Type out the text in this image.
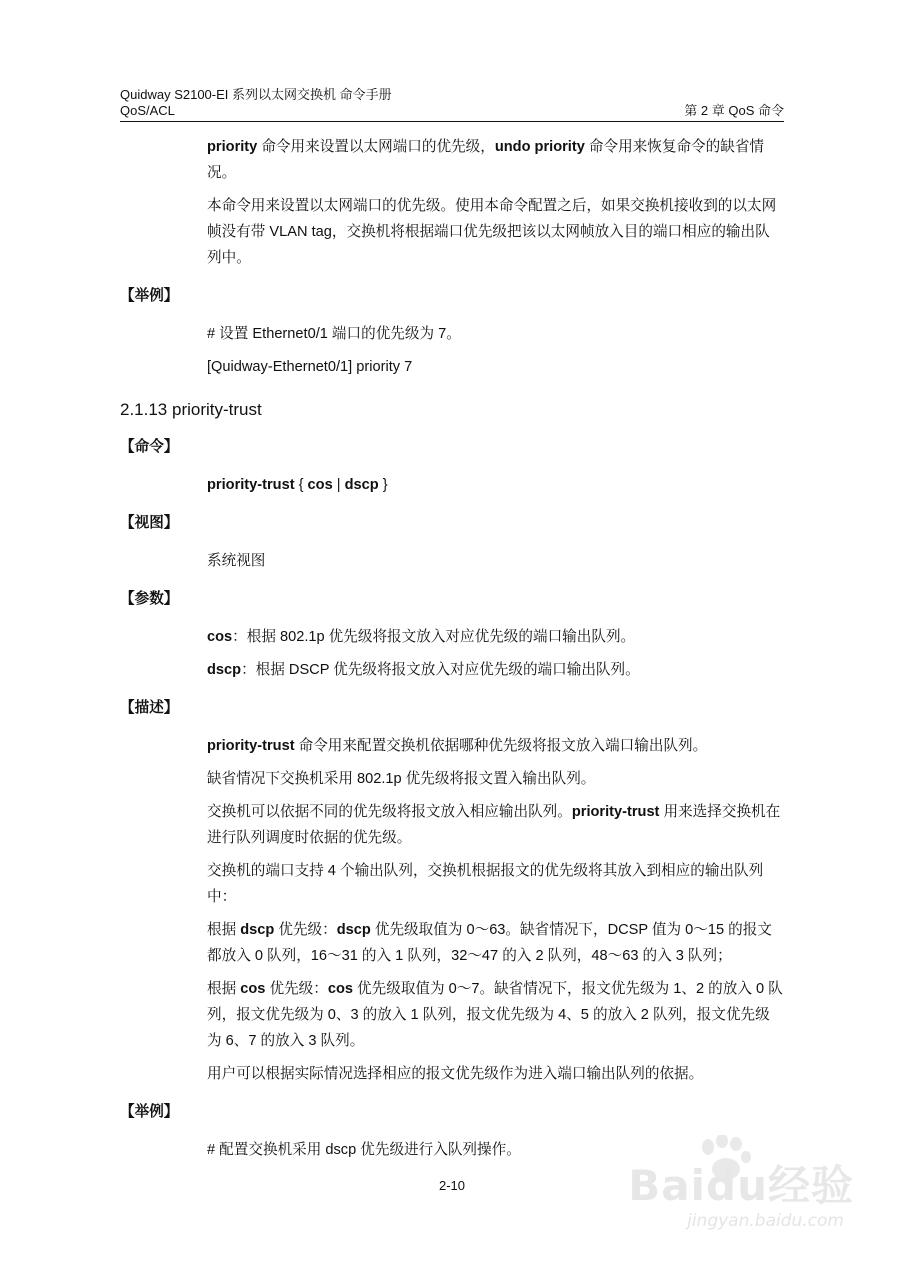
Quidway S2100-EI 系列以太网交换机 命令手册
QoS/ACL	第 2 章 QoS 命令

priority 命令用来设置以太网端口的优先级，undo priority 命令用来恢复命令的缺省情况。

本命令用来设置以太网端口的优先级。使用本命令配置之后，如果交换机接收到的以太网帧没有带 VLAN tag，交换机将根据端口优先级把该以太网帧放入目的端口相应的输出队列中。

【举例】

# 设置 Ethernet0/1 端口的优先级为 7。

[Quidway-Ethernet0/1] priority 7

2.1.13 priority-trust
【命令】

priority-trust { cos | dscp }

【视图】

系统视图

【参数】

cos：根据 802.1p 优先级将报文放入对应优先级的端口输出队列。

dscp：根据 DSCP 优先级将报文放入对应优先级的端口输出队列。

【描述】

priority-trust 命令用来配置交换机依据哪种优先级将报文放入端口输出队列。

缺省情况下交换机采用 802.1p 优先级将报文置入输出队列。

交换机可以依据不同的优先级将报文放入相应输出队列。priority-trust 用来选择交换机在进行队列调度时依据的优先级。

交换机的端口支持 4 个输出队列，交换机根据报文的优先级将其放入到相应的输出队列中：

根据 dscp 优先级：dscp 优先级取值为 0～63。缺省情况下，DCSP 值为 0～15 的报文都放入 0 队列，16～31 的入 1 队列，32～47 的入 2 队列，48～63 的入 3 队列；

根据 cos 优先级：cos 优先级取值为 0～7。缺省情况下，报文优先级为 1、2 的放入 0 队列，报文优先级为 0、3 的放入 1 队列，报文优先级为 4、5 的放入 2 队列，报文优先级为 6、7 的放入 3 队列。

用户可以根据实际情况选择相应的报文优先级作为进入端口输出队列的依据。

【举例】

# 配置交换机采用 dscp 优先级进行入队列操作。

2-10	Baidu经验
jingyan.baidu.com
